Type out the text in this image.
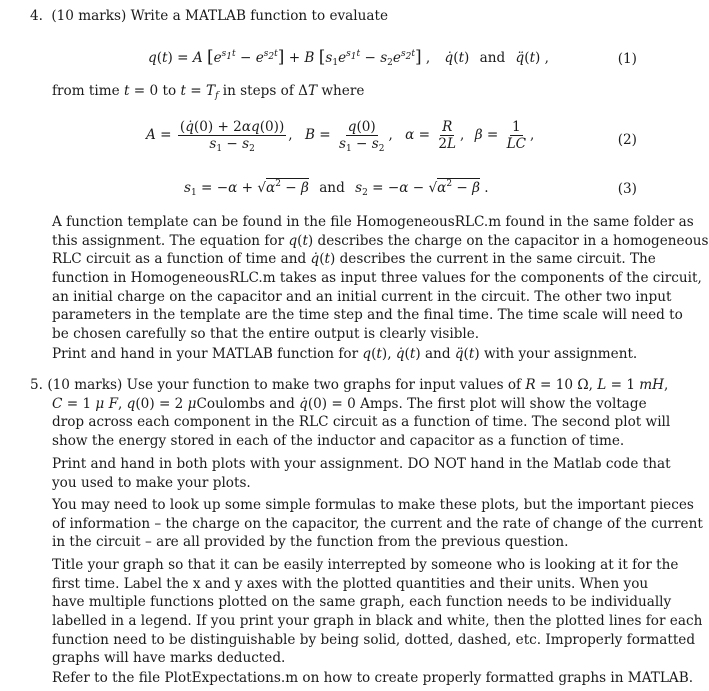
4. (10 marks) Write a MATLAB function to evaluate
q(t) = A $[e^{s_1t} - e^{s_2t}] + B$ $[s_1e^{s_1t} - s_2e^{s_2t}]$ , q̇(t) and q̈(t) ,	(1)
from time t = 0 to $t = T_f$ in steps of ΔT where
$A = \frac{(q̇(0) + 2\alpha q(0))}{s_1 - s_2}$ , $B = \frac{q(0)}{s_1 - s_2}$ , $\alpha = \frac{R}{2L}$ , $\beta = \frac{1}{LC}$ ,	(2)
$s_1 = -\alpha + √\alpha^2 - \beta$ and $s_2 = -\alpha - √\alpha^2 - \beta$ .	(3)
A function template can be found in the file HomogeneousRLC.m found in the same folder as
this assignment. The equation for q(t) describes the charge on the capacitor in a homogeneous
RLC circuit as a function of time and q̇(t) describes the current in the same circuit. The
function in HomogeneousRLC.m takes as input three values for the components of the circuit,
an initial charge on the capacitor and an initial current in the circuit. The other two input
parameters in the template are the time step and the final time. The time scale will need to
be chosen carefully so that the entire output is clearly visible.
Print and hand in your MATLAB function for q(t), q̇(t) and q̈(t) with your assignment.
5. (10 marks) Use your function to make two graphs for input values of R = 10 Ω, L = 1 mH,
C = 1 μ F, q(0) = 2 μCoulombs and q̇(0) = 0 Amps. The first plot will show the voltage
drop across each component in the RLC circuit as a function of time. The second plot will
show the energy stored in each of the inductor and capacitor as a function of time.
Print and hand in both plots with your assignment. DO NOT hand in the Matlab code that
you used to make your plots.
You may need to look up some simple formulas to make these plots, but the important pieces
of information – the charge on the capacitor, the current and the rate of change of the current
in the circuit – are all provided by the function from the previous question.
Title your graph so that it can be easily interrepted by someone who is looking at it for the
first time. Label the x and y axes with the plotted quantities and their units. When you
have multiple functions plotted on the same graph, each function needs to be individually
labelled in a legend. If you print your graph in black and white, then the plotted lines for each
function need to be distinguishable by being solid, dotted, dashed, etc. Improperly formatted
graphs will have marks deducted.
Refer to the file PlotExpectations.m on how to create properly formatted graphs in MATLAB.
